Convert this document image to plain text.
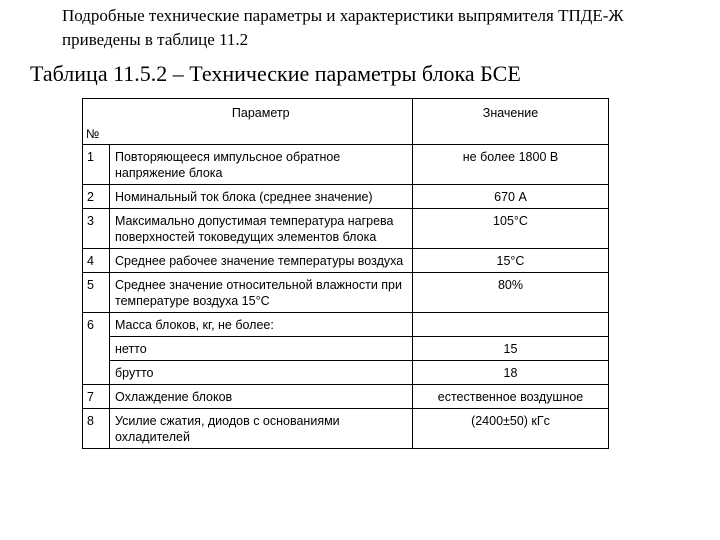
Подробные технические параметры и характеристики выпрямителя ТПДЕ-Ж приведены в таблице 11.2

Таблица 11.5.2 – Технические параметры блока БСЕ

№	Параметр	Значение
1	Повторяющееся импульсное обратное напряжение блока	не более 1800 В
2	Номинальный ток блока (среднее значение)	670 А
3	Максимально допустимая температура нагрева поверхностей токоведущих элементов блока	105°С
4	Среднее рабочее значение температуры воздуха	15°С
5	Среднее значение относительной влажности при температуре воздуха 15°С	80%
6	Масса блоков, кг, не более:	
	нетто	15
	брутто	18
7	Охлаждение блоков	естественное воздушное
8	Усилие сжатия, диодов с основаниями охладителей	(2400±50) кГс
